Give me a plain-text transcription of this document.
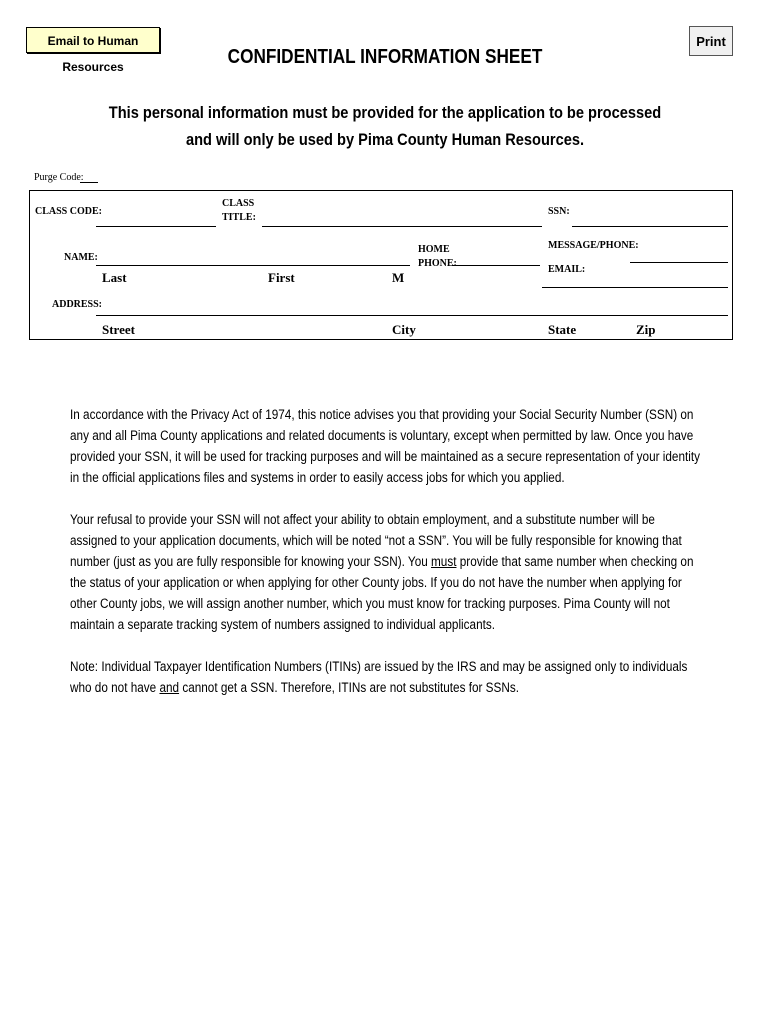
Email to Human Resources
Print
CONFIDENTIAL INFORMATION SHEET
This personal information must be provided for the application to be processed
and will only be used by Pima County Human Resources.
Purge Code:
CLASS CODE:
CLASS
TITLE:
SSN:
NAME:
Last	First	M
HOME
PHONE:
MESSAGE/PHONE:
EMAIL:
ADDRESS:
Street	City	State	Zip

In accordance with the Privacy Act of 1974, this notice advises you that providing your Social Security Number (SSN) on any and all Pima County applications and related documents is voluntary, except when permitted by law. Once you have provided your SSN, it will be used for tracking purposes and will be maintained as a secure representation of your identity in the official applications files and systems in order to easily access jobs for which you applied.

Your refusal to provide your SSN will not affect your ability to obtain employment, and a substitute number will be assigned to your application documents, which will be noted “not a SSN”. You will be fully responsible for knowing that number (just as you are fully responsible for knowing your SSN). You must provide that same number when checking on the status of your application or when applying for other County jobs. If you do not have the number when applying for other County jobs, we will assign another number, which you must know for tracking purposes. Pima County will not maintain a separate tracking system of numbers assigned to individual applicants.

Note: Individual Taxpayer Identification Numbers (ITINs) are issued by the IRS and may be assigned only to individuals who do not have and cannot get a SSN. Therefore, ITINs are not substitutes for SSNs.
